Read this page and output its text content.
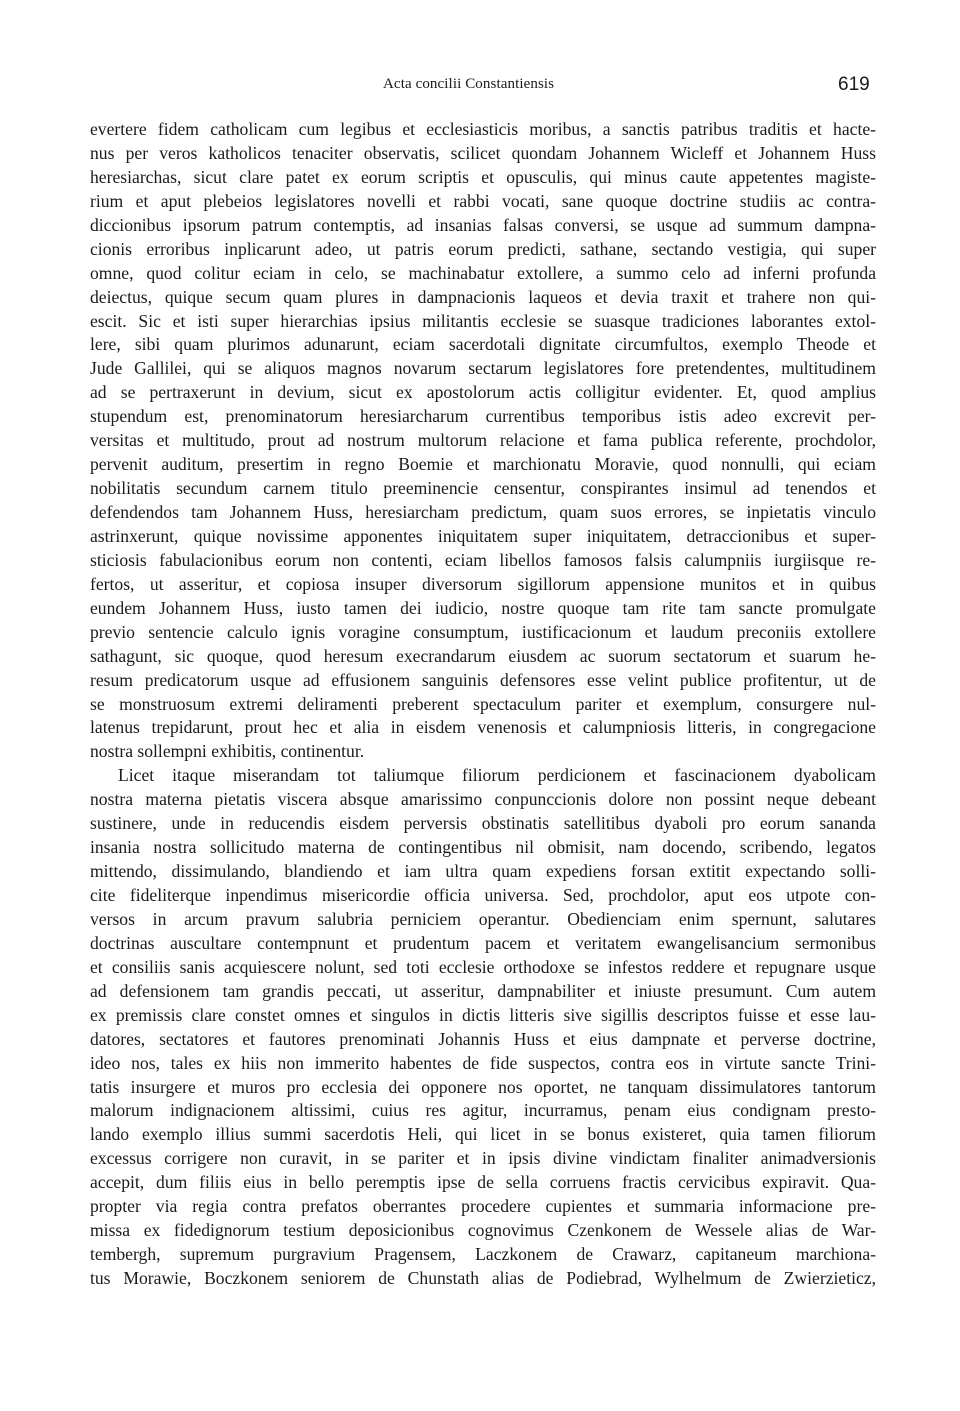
Acta concilii Constantiensis	619
evertere fidem catholicam cum legibus et ecclesiasticis moribus, a sanctis patribus traditis et hacte-
nus per veros katholicos tenaciter observatis, scilicet quondam Johannem Wicleff et Johannem Huss
heresiarchas, sicut clare patet ex eorum scriptis et opusculis, qui minus caute appetentes magiste-
rium et aput plebeios legislatores novelli et rabbi vocati, sane quoque doctrine studiis ac contra-
diccionibus ipsorum patrum contemptis, ad insanias falsas conversi, se usque ad summum dampna-
cionis erroribus inplicarunt adeo, ut patris eorum predicti, sathane, sectando vestigia, qui super
omne, quod colitur eciam in celo, se machinabatur extollere, a summo celo ad inferni profunda
deiectus, quique secum quam plures in dampnacionis laqueos et devia traxit et trahere non qui-
escit. Sic et isti super hierarchias ipsius militantis ecclesie se suasque tradiciones laborantes extol-
lere, sibi quam plurimos adunarunt, eciam sacerdotali dignitate circumfultos, exemplo Theode et
Jude Gallilei, qui se aliquos magnos novarum sectarum legislatores fore pretendentes, multitudinem
ad se pertraxerunt in devium, sicut ex apostolorum actis colligitur evidenter. Et, quod amplius
stupendum est, prenominatorum heresiarcharum currentibus temporibus istis adeo excrevit per-
versitas et multitudo, prout ad nostrum multorum relacione et fama publica referente, prochdolor,
pervenit auditum, presertim in regno Boemie et marchionatu Moravie, quod nonnulli, qui eciam
nobilitatis secundum carnem titulo preeminencie censentur, conspirantes insimul ad tenendos et
defendendos tam Johannem Huss, heresiarcham predictum, quam suos errores, se inpietatis vinculo
astrinxerunt, quique novissime apponentes iniquitatem super iniquitatem, detraccionibus et super-
sticiosis fabulacionibus eorum non contenti, eciam libellos famosos falsis calumpniis iurgiisque re-
fertos, ut asseritur, et copiosa insuper diversorum sigillorum appensione munitos et in quibus
eundem Johannem Huss, iusto tamen dei iudicio, nostre quoque tam rite tam sancte promulgate
previo sentencie calculo ignis voragine consumptum, iustificacionum et laudum preconiis extollere
sathagunt, sic quoque, quod heresum execrandarum eiusdem ac suorum sectatorum et suarum he-
resum predicatorum usque ad effusionem sanguinis defensores esse velint publice profitentur, ut de
se monstruosum extremi deliramenti preberent spectaculum pariter et exemplum, consurgere nul-
latenus trepidarunt, prout hec et alia in eisdem venenosis et calumpniosis litteris, in congregacione
nostra sollempni exhibitis, continentur.
Licet itaque miserandam tot taliumque filiorum perdicionem et fascinacionem dyabolicam
nostra materna pietatis viscera absque amarissimo conpunccionis dolore non possint neque debeant
sustinere, unde in reducendis eisdem perversis obstinatis satellitibus dyaboli pro eorum sananda
insania nostra sollicitudo materna de contingentibus nil obmisit, nam docendo, scribendo, legatos
mittendo, dissimulando, blandiendo et iam ultra quam expediens forsan extitit expectando solli-
cite fideliterque inpendimus misericordie officia universa. Sed, prochdolor, aput eos utpote con-
versos in arcum pravum salubria perniciem operantur. Obedienciam enim spernunt, salutares
doctrinas auscultare contempnunt et prudentum pacem et veritatem ewangelisancium sermonibus
et consiliis sanis acquiescere nolunt, sed toti ecclesie orthodoxe se infestos reddere et repugnare usque
ad defensionem tam grandis peccati, ut asseritur, dampnabiliter et iniuste presumunt. Cum autem
ex premissis clare constet omnes et singulos in dictis litteris sive sigillis descriptos fuisse et esse lau-
datores, sectatores et fautores prenominati Johannis Huss et eius dampnate et perverse doctrine,
ideo nos, tales ex hiis non immerito habentes de fide suspectos, contra eos in virtute sancte Trini-
tatis insurgere et muros pro ecclesia dei opponere nos oportet, ne tanquam dissimulatores tantorum
malorum indignacionem altissimi, cuius res agitur, incurramus, penam eius condignam presto-
lando exemplo illius summi sacerdotis Heli, qui licet in se bonus existeret, quia tamen filiorum
excessus corrigere non curavit, in se pariter et in ipsis divine vindictam finaliter animadversionis
accepit, dum filiis eius in bello peremptis ipse de sella corruens fractis cervicibus expiravit. Qua-
propter via regia contra prefatos oberrantes procedere cupientes et summaria informacione pre-
missa ex fidedignorum testium deposicionibus cognovimus Czenkonem de Wessele alias de War-
tembergh, supremum purgravium Pragensem, Laczkonem de Crawarz, capitaneum marchiona-
tus Morawie, Boczkonem seniorem de Chunstath alias de Podiebrad, Wylhelmum de Zwierzieticz,
